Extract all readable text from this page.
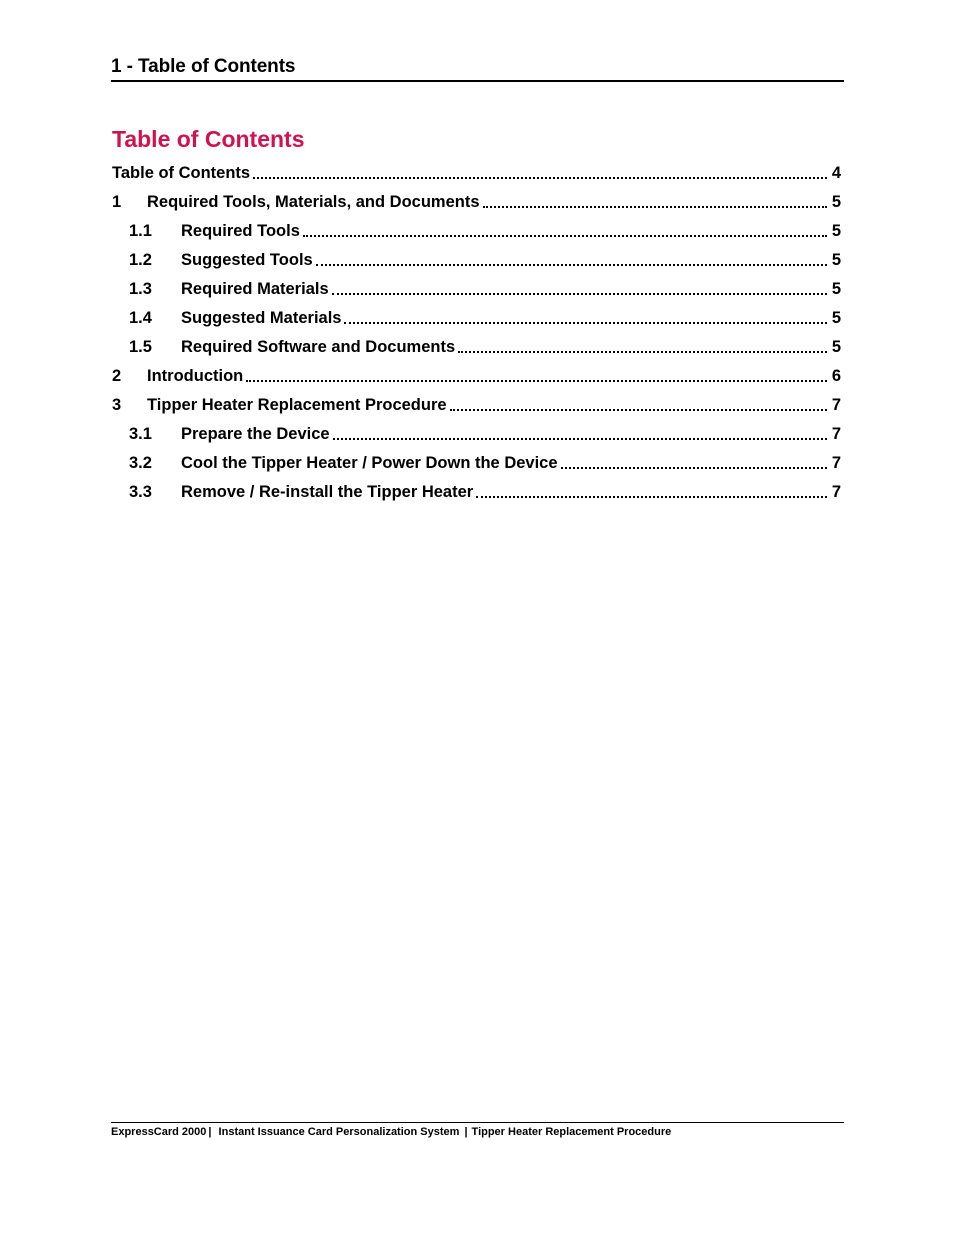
1 - Table of Contents
Table of Contents
Table of Contents	4
1	Required Tools, Materials, and Documents	5
1.1	Required Tools	5
1.2	Suggested Tools	5
1.3	Required Materials	5
1.4	Suggested Materials	5
1.5	Required Software and Documents	5
2	Introduction	6
3	Tipper Heater Replacement Procedure	7
3.1	Prepare the Device	7
3.2	Cool the Tipper Heater / Power Down the Device	7
3.3	Remove / Re-install the Tipper Heater	7
ExpressCard 2000 | Instant Issuance Card Personalization System | Tipper Heater Replacement Procedure
